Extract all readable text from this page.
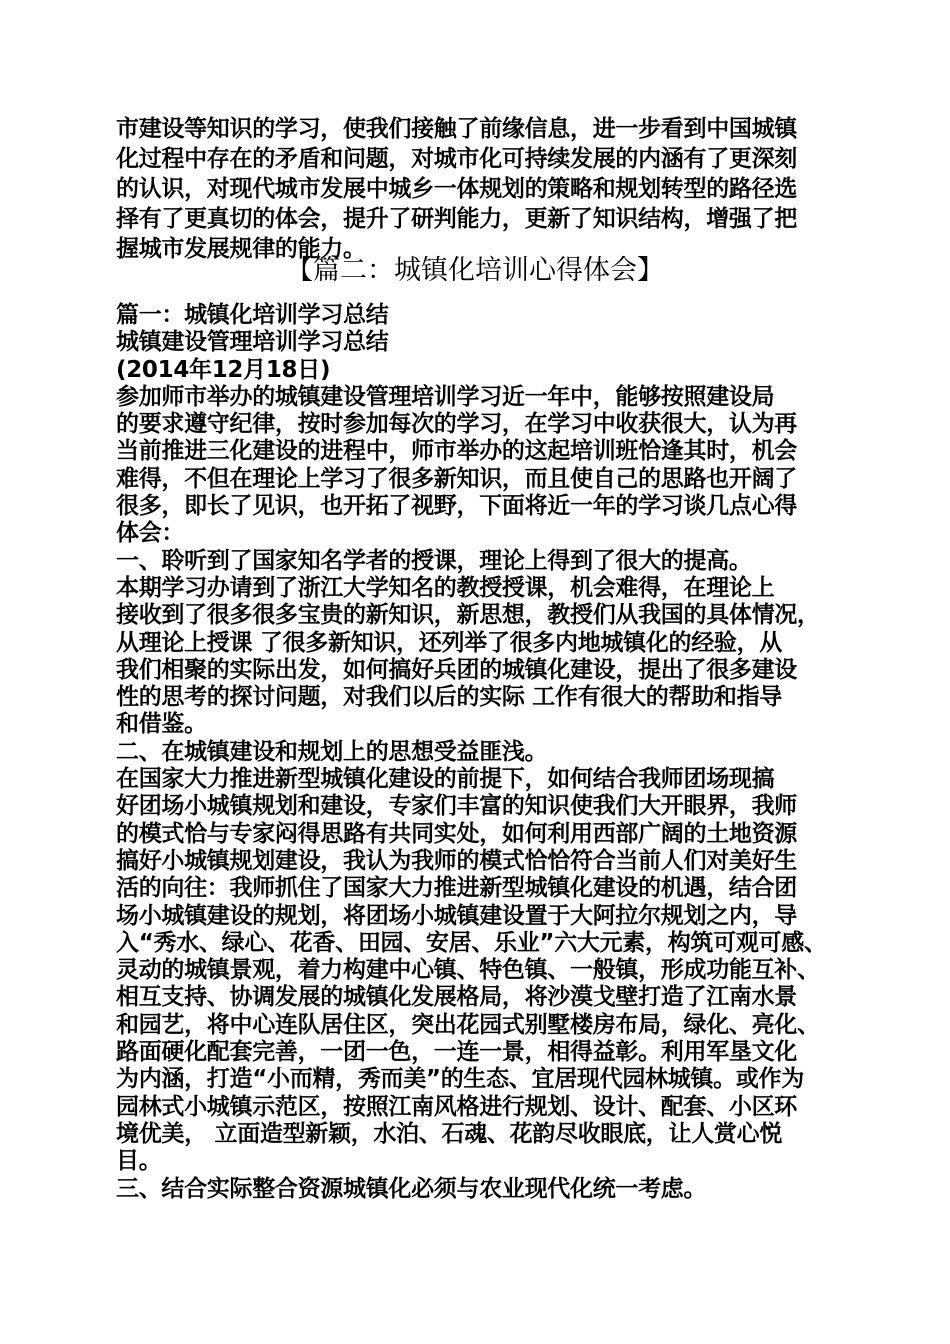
市建设等知识的学习，使我们接触了前缘信息，进一步看到中国城镇
化过程中存在的矛盾和问题，对城市化可持续发展的内涵有了更深刻
的认识，对现代城市发展中城乡一体规划的策略和规划转型的路径选
择有了更真切的体会，提升了研判能力，更新了知识结构，增强了把
握城市发展规律的能力。
【篇二：城镇化培训心得体会】
篇一：城镇化培训学习总结
城镇建设管理培训学习总结
(2014年12月18日)
参加师市举办的城镇建设管理培训学习近一年中，能够按照建设局
的要求遵守纪律，按时参加每次的学习，在学习中收获很大，认为再
当前推进三化建设的进程中，师市举办的这起培训班恰逢其时，机会
难得，不但在理论上学习了很多新知识，而且使自己的思路也开阔了
很多，即长了见识，也开拓了视野，下面将近一年的学习谈几点心得
体会：
一、聆听到了国家知名学者的授课，理论上得到了很大的提高。
本期学习办请到了浙江大学知名的教授授课，机会难得，在理论上
接收到了很多很多宝贵的新知识，新思想，教授们从我国的具体情况，
从理论上授课 了很多新知识，还列举了很多内地城镇化的经验，从
我们相聚的实际出发，如何搞好兵团的城镇化建设，提出了很多建设
性的思考的探讨问题，对我们以后的实际 工作有很大的帮助和指导
和借鉴。
二、在城镇建设和规划上的思想受益匪浅。
在国家大力推进新型城镇化建设的前提下，如何结合我师团场现搞
好团场小城镇规划和建设，专家们丰富的知识使我们大开眼界，我师
的模式恰与专家闷得思路有共同实处，如何利用西部广阔的土地资源
搞好小城镇规划建设，我认为我师的模式恰恰符合当前人们对美好生
活的向往：我师抓住了国家大力推进新型城镇化建设的机遇，结合团
场小城镇建设的规划，将团场小城镇建设置于大阿拉尔规划之内，导
入“秀水、绿心、花香、田园、安居、乐业”六大元素，构筑可观可感、
灵动的城镇景观，着力构建中心镇、特色镇、一般镇，形成功能互补、
相互支持、协调发展的城镇化发展格局，将沙漠戈壁打造了江南水景
和园艺，将中心连队居住区，突出花园式别墅楼房布局，绿化、亮化、
路面硬化配套完善，一团一色，一连一景，相得益彰。利用军垦文化
为内涵，打造“小而精，秀而美”的生态、宜居现代园林城镇。或作为
园林式小城镇示范区，按照江南风格进行规划、设计、配套、小区环
境优美， 立面造型新颖，水泊、石魂、花韵尽收眼底，让人赏心悦
目。
三、结合实际整合资源城镇化必须与农业现代化统一考虑。
